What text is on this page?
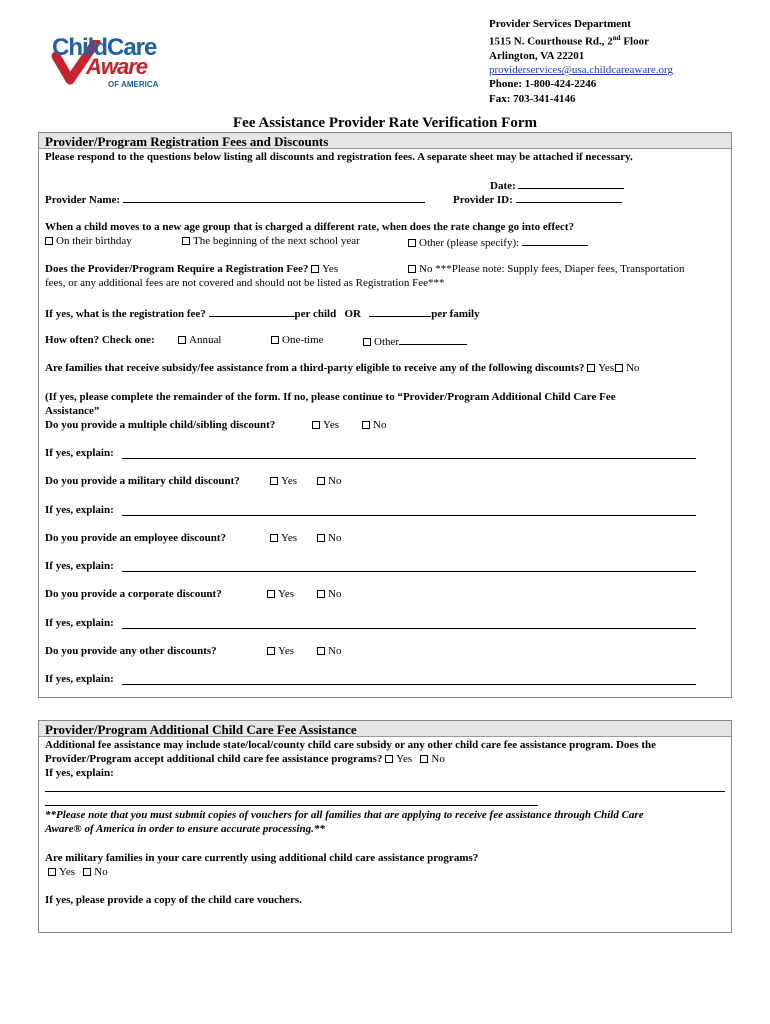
ChildCare
Aware
OF AMERICA
Provider Services Department
1515 N. Courthouse Rd., 2nd Floor
Arlington, VA 22201
providerservices@usa.childcareaware.org
Phone: 1-800-424-2246
Fax: 703-341-4146
Fee Assistance Provider Rate Verification Form
Provider/Program Registration Fees and Discounts
Please respond to the questions below listing all discounts and registration fees. A separate sheet may be attached if necessary.
Date:
Provider Name:	Provider ID:
When a child moves to a new age group that is charged a different rate, when does the rate change go into effect?
On their birthday	The beginning of the next school year	Other (please specify):
Does the Provider/Program Require a Registration Fee? Yes	No ***Please note: Supply fees, Diaper fees, Transportation
fees, or any additional fees are not covered and should not be listed as Registration Fee***
If yes, what is the registration fee?	per child OR	per family
How often? Check one:	Annual	One-time	Other
Are families that receive subsidy/fee assistance from a third-party eligible to receive any of the following discounts? Yes No
(If yes, please complete the remainder of the form. If no, please continue to “Provider/Program Additional Child Care Fee
Assistance”
Do you provide a multiple child/sibling discount?	Yes	No
If yes, explain:
Do you provide a military child discount?	Yes	No
If yes, explain:
Do you provide an employee discount?	Yes	No
If yes, explain:
Do you provide a corporate discount?	Yes	No
If yes, explain:
Do you provide any other discounts?	Yes	No
If yes, explain:
Provider/Program Additional Child Care Fee Assistance
Additional fee assistance may include state/local/county child care subsidy or any other child care fee assistance program. Does the
Provider/Program accept additional child care fee assistance programs? Yes No
If yes, explain:
**Please note that you must submit copies of vouchers for all families that are applying to receive fee assistance through Child Care
Aware® of America in order to ensure accurate processing.**
Are military families in your care currently using additional child care assistance programs?
Yes No
If yes, please provide a copy of the child care vouchers.
